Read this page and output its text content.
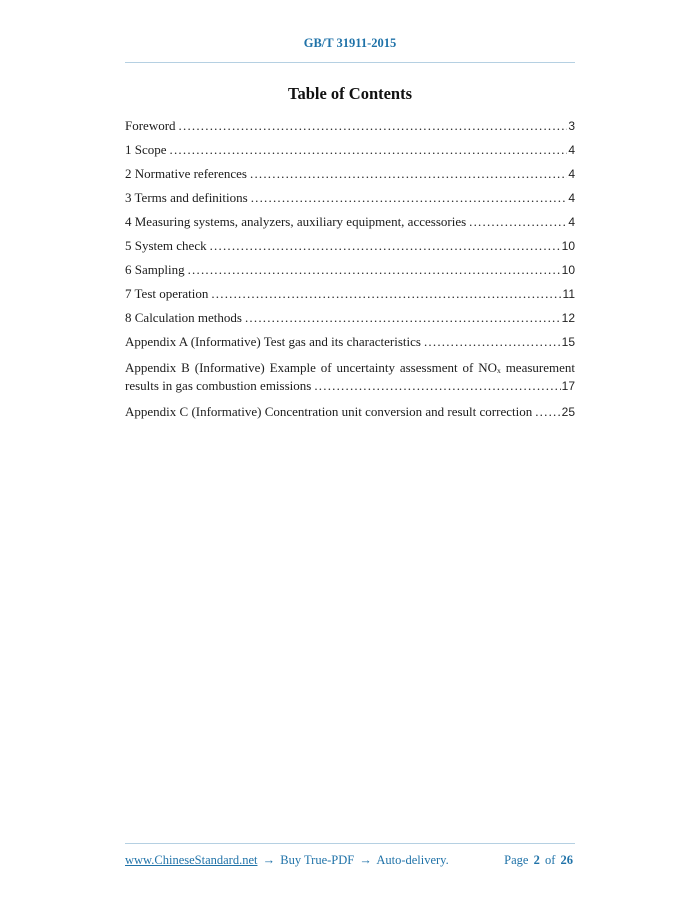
GB/T 31911-2015
Table of Contents
Foreword .....	3
1 Scope .....	4
2 Normative references .....	4
3 Terms and definitions .....	4
4 Measuring systems, analyzers, auxiliary equipment, accessories .....	4
5 System check .....	10
6 Sampling .....	10
7 Test operation .....	11
8 Calculation methods .....	12
Appendix A (Informative) Test gas and its characteristics .....	15
Appendix B (Informative) Example of uncertainty assessment of NOₓ measurement
results in gas combustion emissions .....	17
Appendix C (Informative) Concentration unit conversion and result correction ..... 25
www.ChineseStandard.net → Buy True-PDF → Auto-delivery.	Page 2 of 26
